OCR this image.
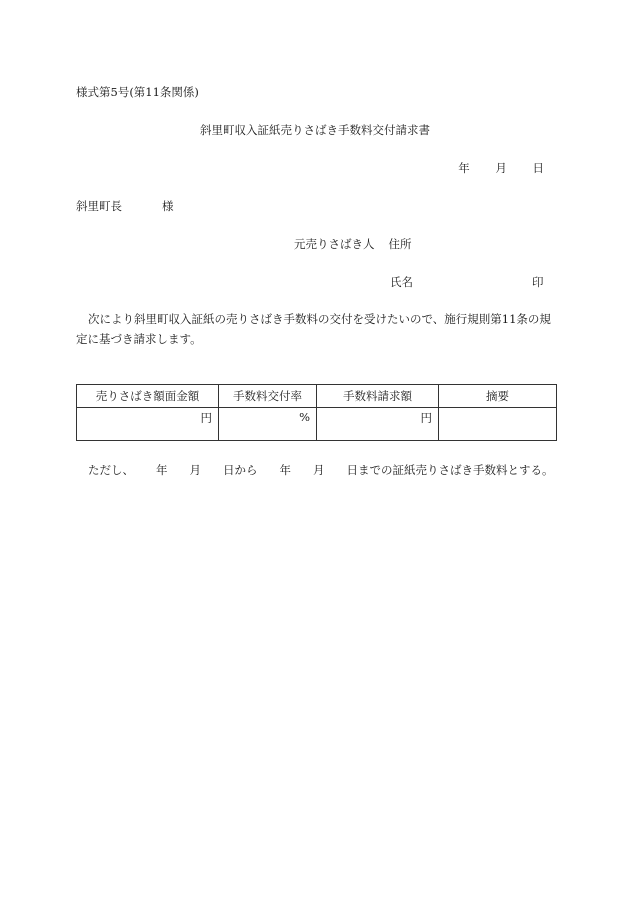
様式第5号(第11条関係)
斜里町収入証紙売りさばき手数料交付請求書
年 月 日
斜里町長	様
元売りさばき人 住所
氏名	印
次により斜里町収入証紙の売りさばき手数料の交付を受けたいので、施行規則第11条の規定に基づき請求します。
売りさばき額面金額	手数料交付率	手数料請求額	摘要
円	%	円	
ただし、 年 月 日から 年 月 日までの証紙売りさばき手数料とする。
